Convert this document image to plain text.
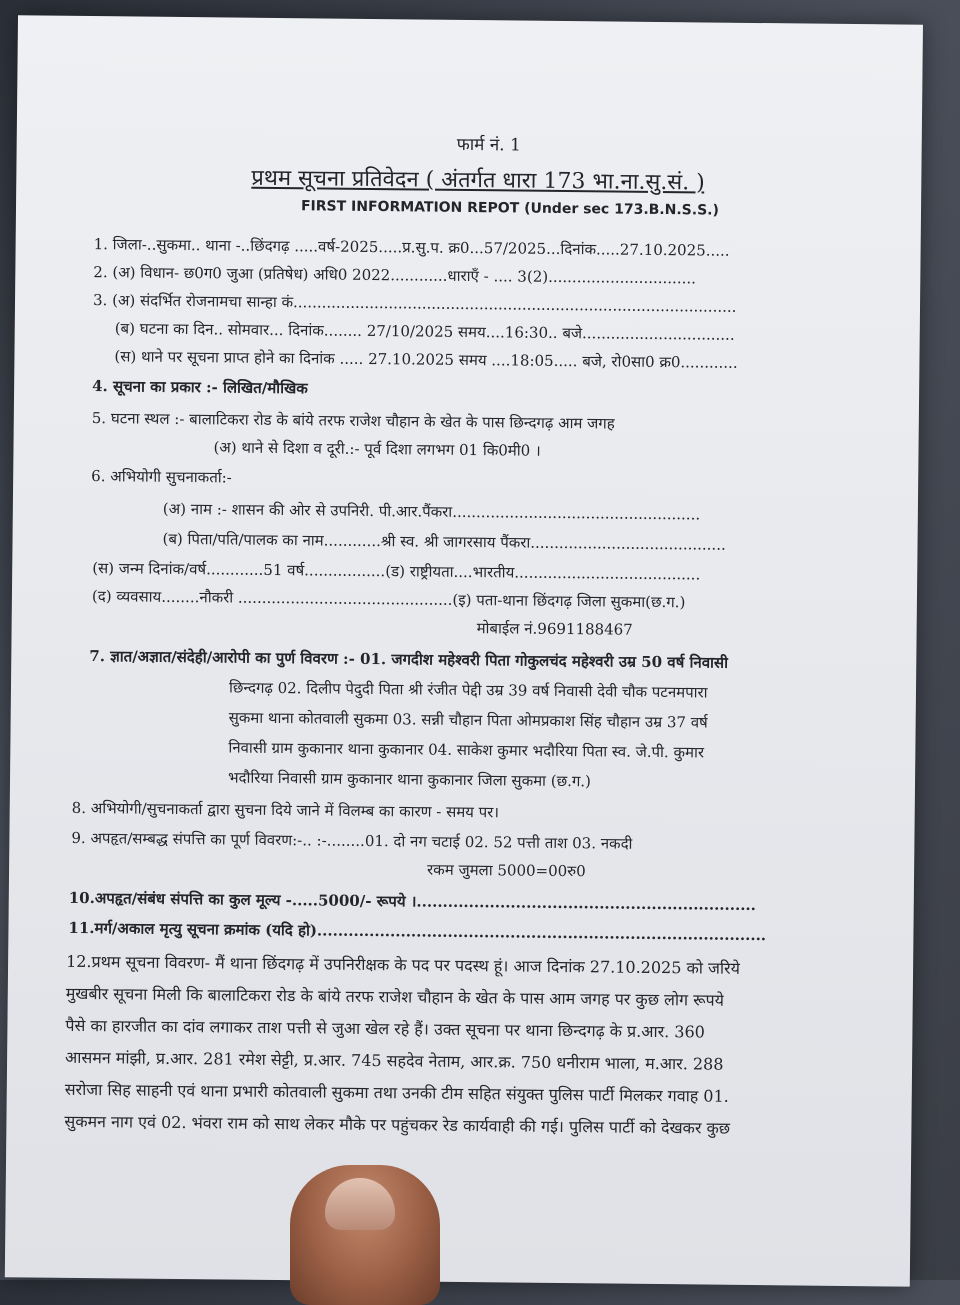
फार्म नं. 1
प्रथम सूचना प्रतिवेदन ( अंतर्गत धारा 173 भा.ना.सु.सं. )
FIRST INFORMATION REPOT (Under sec 173.B.N.S.S.)
1. जिला-..सुकमा.. थाना -..छिंदगढ़ .....वर्ष-2025.....प्र.सु.प. क्र0...57/2025...दिनांक.....27.10.2025.....
2. (अ) विधान- छ0ग0 जुआ (प्रतिषेध) अधि0 2022............धाराएँ - .... 3(2)...............................
3. (अ) संदर्भित रोजनामचा सान्हा कं.............................................................................................
(ब) घटना का दिन.. सोमवार... दिनांक........ 27/10/2025 समय....16:30.. बजे................................
(स) थाने पर सूचना प्राप्त होने का दिनांक ..... 27.10.2025 समय ....18:05..... बजे, रो0सा0 क्र0............
4. सूचना का प्रकार :- लिखित/मौखिक
5. घटना स्थल :- बालाटिकरा रोड के बांये तरफ राजेश चौहान के खेत के पास छिन्दगढ़ आम जगह
(अ) थाने से दिशा व दूरी.:- पूर्व दिशा लगभग 01 कि0मी0 ।
6. अभियोगी सुचनाकर्ता:-
(अ) नाम :- शासन की ओर से उपनिरी. पी.आर.पैंकरा....................................................
(ब) पिता/पति/पालक का नाम............श्री स्व. श्री जागरसाय पैंकरा.........................................
(स) जन्म दिनांक/वर्ष............51 वर्ष.................(ड) राष्ट्रीयता....भारतीय.......................................
(द) व्यवसाय........नौकरी .............................................(इ) पता-थाना छिंदगढ़ जिला सुकमा(छ.ग.)
मोबाईल नं.9691188467
7. ज्ञात/अज्ञात/संदेही/आरोपी का पुर्ण विवरण :- 01. जगदीश महेश्वरी पिता गोकुलचंद महेश्वरी उम्र 50 वर्ष निवासी
छिन्दगढ़ 02. दिलीप पेदुदी पिता श्री रंजीत पेद्दी उम्र 39 वर्ष निवासी देवी चौक पटनमपारा
सुकमा थाना कोतवाली सुकमा 03. सन्नी चौहान पिता ओमप्रकाश सिंह चौहान उम्र 37 वर्ष
निवासी ग्राम कुकानार थाना कुकानार 04. साकेश कुमार भदौरिया पिता स्व. जे.पी. कुमार
भदौरिया निवासी ग्राम कुकानार थाना कुकानार जिला सुकमा (छ.ग.)
8. अभियोगी/सुचनाकर्ता द्वारा सुचना दिये जाने में विलम्ब का कारण - समय पर।
9. अपहृत/सम्बद्ध संपत्ति का पूर्ण विवरण:-.. :-........01. दो नग चटाई 02. 52 पत्ती ताश 03. नकदी
रकम जुमला 5000=00रु0
10.अपहृत/संबंध संपत्ति का कुल मूल्य -.....5000/- रूपये ।.................................................................
11.मर्ग/अकाल मृत्यु सूचना क्रमांक (यदि हो)......................................................................................
12.प्रथम सूचना विवरण- मैं थाना छिंदगढ़ में उपनिरीक्षक के पद पर पदस्थ हूं। आज दिनांक 27.10.2025 को जरिये
मुखबीर सूचना मिली कि बालाटिकरा रोड के बांये तरफ राजेश चौहान के खेत के पास आम जगह पर कुछ लोग रूपये
पैसे का हारजीत का दांव लगाकर ताश पत्ती से जुआ खेल रहे हैं। उक्त सूचना पर थाना छिन्दगढ़ के प्र.आर. 360
आसमन मांझी, प्र.आर. 281 रमेश सेट्टी, प्र.आर. 745 सहदेव नेताम, आर.क्र. 750 धनीराम भाला, म.आर. 288
सरोजा सिह साहनी एवं थाना प्रभारी कोतवाली सुकमा तथा उनकी टीम सहित संयुक्त पुलिस पार्टी मिलकर गवाह 01.
सुकमन नाग एवं 02. भंवरा राम को साथ लेकर मौके पर पहुंचकर रेड कार्यवाही की गई। पुलिस पार्टी को देखकर कुछ
